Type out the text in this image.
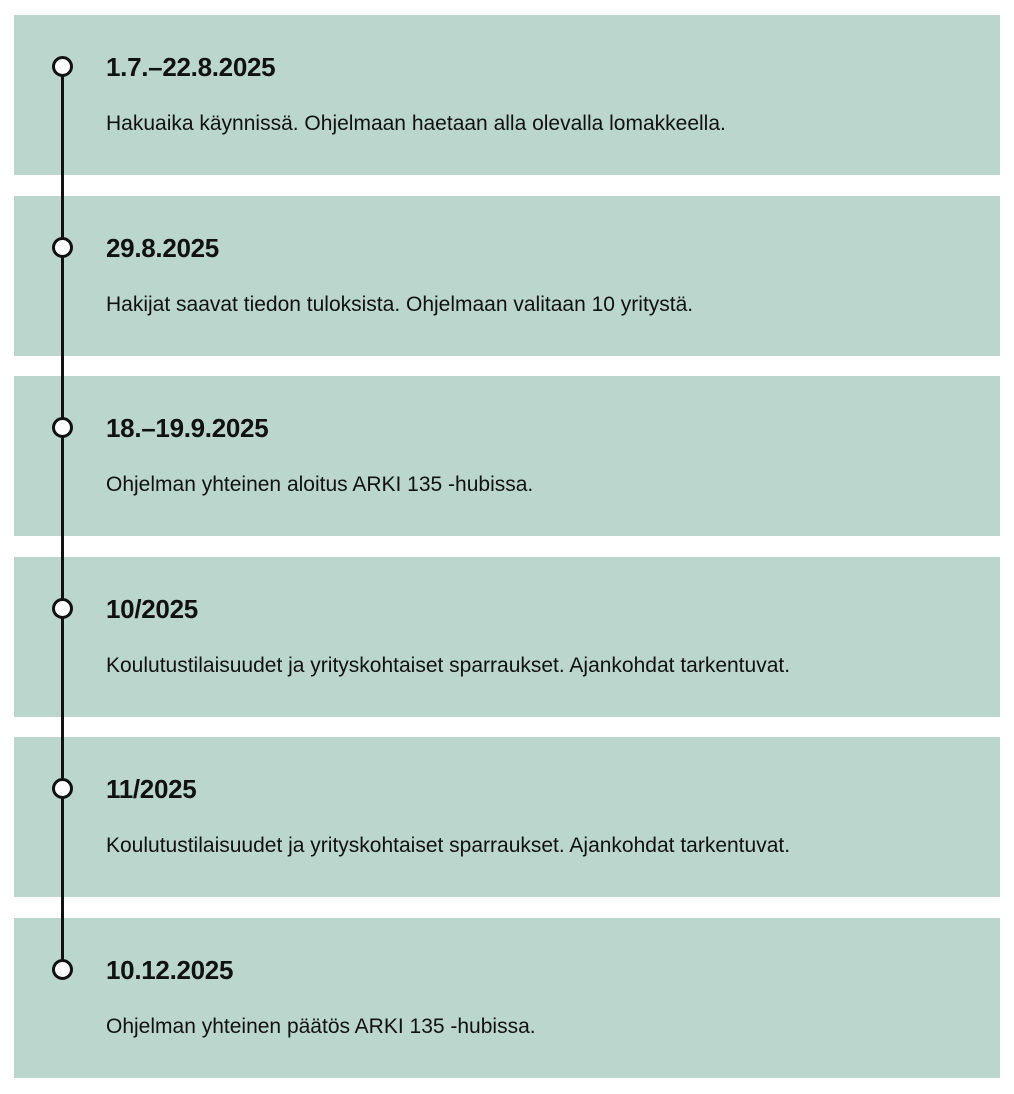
1.7.–22.8.2025

Hakuaika käynnissä. Ohjelmaan haetaan alla olevalla lomakkeella.

29.8.2025

Hakijat saavat tiedon tuloksista. Ohjelmaan valitaan 10 yritystä.

18.–19.9.2025

Ohjelman yhteinen aloitus ARKI 135 -hubissa.

10/2025

Koulutustilaisuudet ja yrityskohtaiset sparraukset. Ajankohdat tarkentuvat.

11/2025

Koulutustilaisuudet ja yrityskohtaiset sparraukset. Ajankohdat tarkentuvat.

10.12.2025

Ohjelman yhteinen päätös ARKI 135 -hubissa.
